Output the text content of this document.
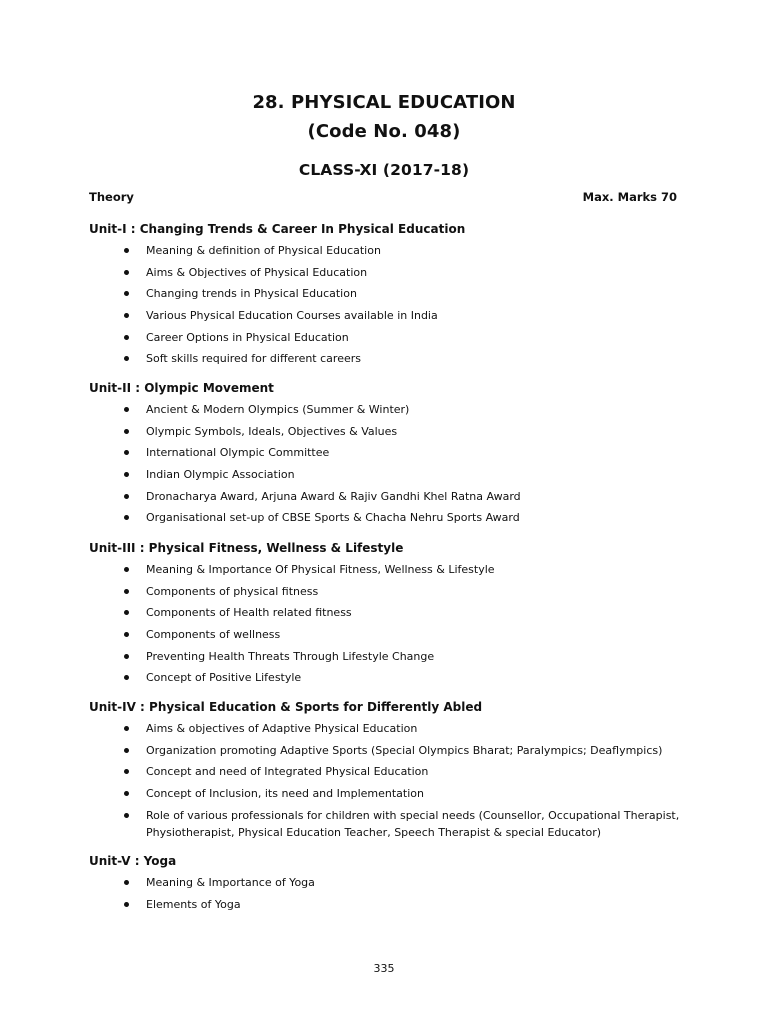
28. PHYSICAL EDUCATION
(Code No. 048)
CLASS-XI (2017-18)
Theory	Max. Marks 70
Unit-I : Changing Trends & Career In Physical Education
Meaning & definition of Physical Education
Aims & Objectives of Physical Education
Changing trends in Physical Education
Various Physical Education Courses available in India
Career Options in Physical Education
Soft skills required for different careers
Unit-II : Olympic Movement
Ancient & Modern Olympics (Summer & Winter)
Olympic Symbols, Ideals, Objectives & Values
International Olympic Committee
Indian Olympic Association
Dronacharya Award, Arjuna Award & Rajiv Gandhi Khel Ratna Award
Organisational set-up of CBSE Sports & Chacha Nehru Sports Award
Unit-III : Physical Fitness, Wellness & Lifestyle
Meaning & Importance Of Physical Fitness, Wellness & Lifestyle
Components of physical fitness
Components of Health related fitness
Components of wellness
Preventing Health Threats Through Lifestyle Change
Concept of Positive Lifestyle
Unit-IV : Physical Education & Sports for Differently Abled
Aims & objectives of Adaptive Physical Education
Organization promoting Adaptive Sports (Special Olympics Bharat; Paralympics; Deaflympics)
Concept and need of Integrated Physical Education
Concept of Inclusion, its need and Implementation
Role of various professionals for children with special needs (Counsellor, Occupational Therapist, Physiotherapist, Physical Education Teacher, Speech Therapist & special Educator)
Unit-V : Yoga
Meaning & Importance of Yoga
Elements of Yoga
335
